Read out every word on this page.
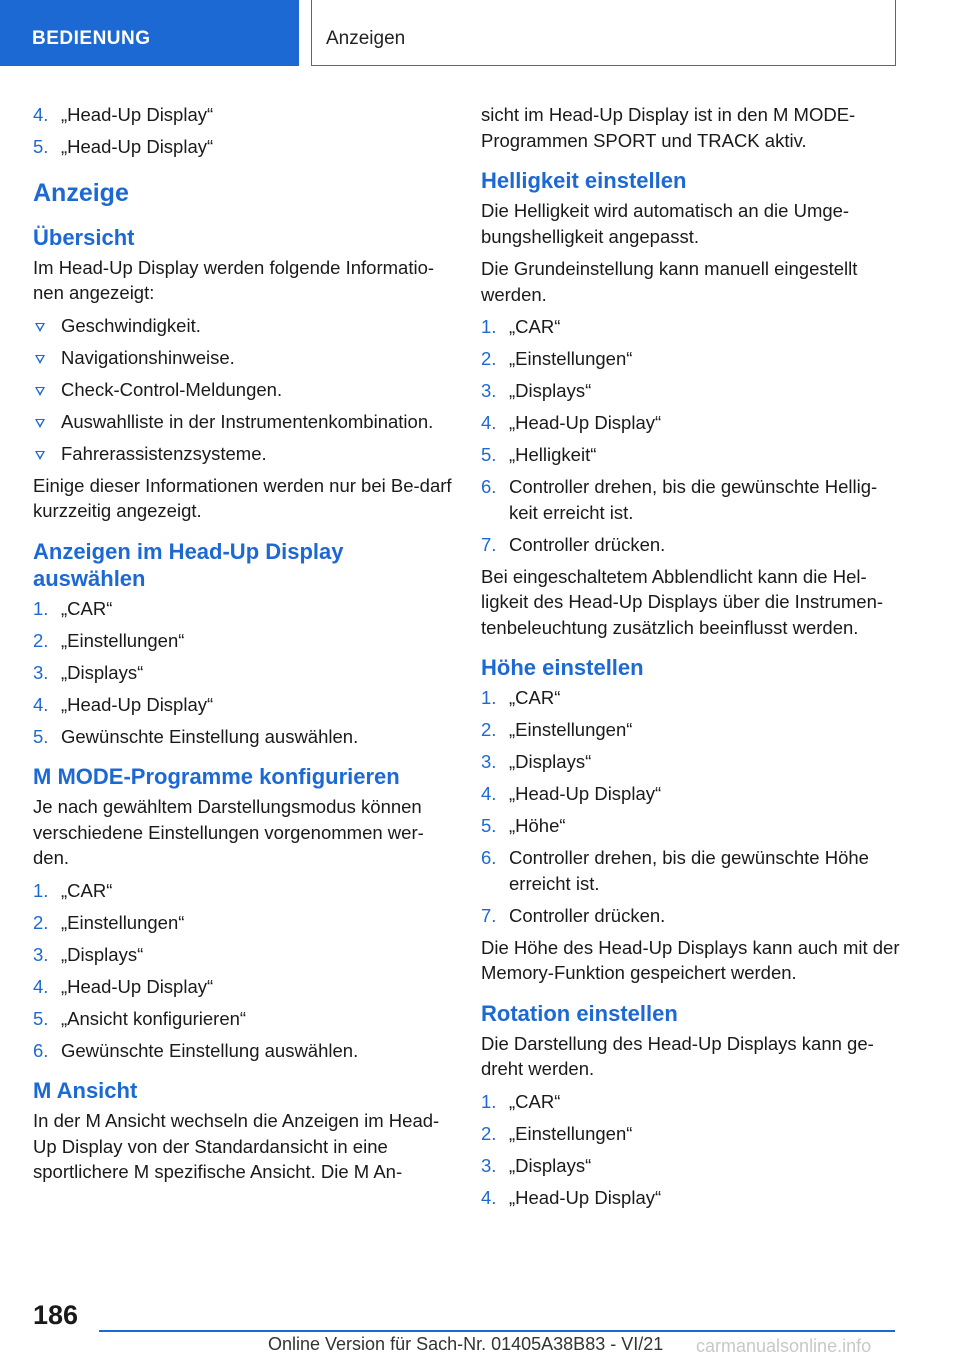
BEDIENUNG	Anzeigen
4. „Head-Up Display“
5. „Head-Up Display“
Anzeige
Übersicht

Im Head-Up Display werden folgende Informatio-nen angezeigt:

Geschwindigkeit.
Navigationshinweise.
Check-Control-Meldungen.
Auswahlliste in der Instrumentenkombination.
Fahrerassistenzsysteme.

Einige dieser Informationen werden nur bei Be-darf kurzzeitig angezeigt.

Anzeigen im Head-Up Display auswählen
1. „CAR“
2. „Einstellungen“
3. „Displays“
4. „Head-Up Display“
5. Gewünschte Einstellung auswählen.
M MODE-Programme konfigurieren

Je nach gewähltem Darstellungsmodus können verschiedene Einstellungen vorgenommen wer-den.

1. „CAR“
2. „Einstellungen“
3. „Displays“
4. „Head-Up Display“
5. „Ansicht konfigurieren“
6. Gewünschte Einstellung auswählen.
M Ansicht

In der M Ansicht wechseln die Anzeigen im Head-Up Display von der Standardansicht in eine sportlichere M spezifische Ansicht. Die M An-

sicht im Head-Up Display ist in den M MODE-Programmen SPORT und TRACK aktiv.

Helligkeit einstellen

Die Helligkeit wird automatisch an die Umge-bungshelligkeit angepasst.

Die Grundeinstellung kann manuell eingestellt werden.

1. „CAR“
2. „Einstellungen“
3. „Displays“
4. „Head-Up Display“
5. „Helligkeit“
6. Controller drehen, bis die gewünschte Hellig-keit erreicht ist.
7. Controller drücken.

Bei eingeschaltetem Abblendlicht kann die Hel-ligkeit des Head-Up Displays über die Instrumen-tenbeleuchtung zusätzlich beeinflusst werden.

Höhe einstellen
1. „CAR“
2. „Einstellungen“
3. „Displays“
4. „Head-Up Display“
5. „Höhe“
6. Controller drehen, bis die gewünschte Höhe erreicht ist.
7. Controller drücken.

Die Höhe des Head-Up Displays kann auch mit der Memory-Funktion gespeichert werden.

Rotation einstellen

Die Darstellung des Head-Up Displays kann ge-dreht werden.

1. „CAR“
2. „Einstellungen“
3. „Displays“
4. „Head-Up Display“
186
Online Version für Sach-Nr. 01405A38B83 - VI/21 carmanualsonline.info
